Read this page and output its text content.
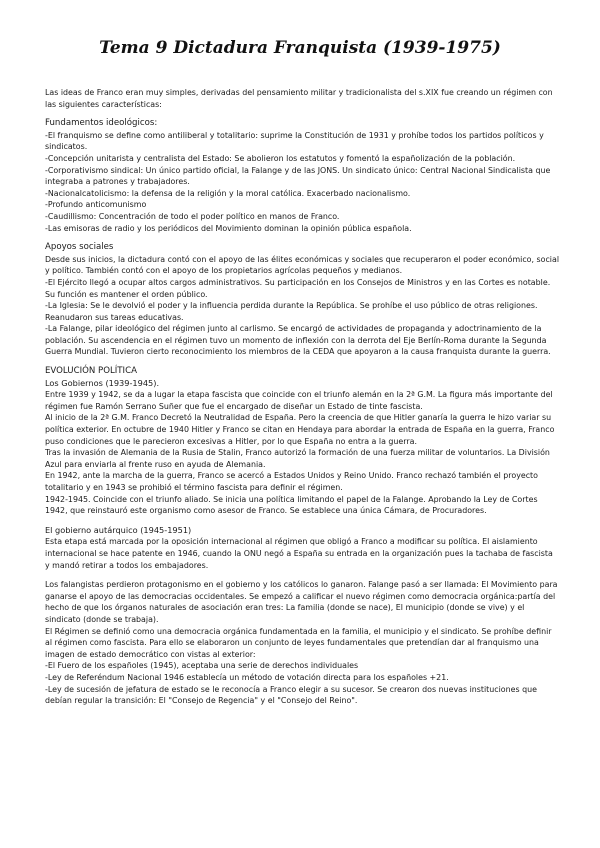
Tema 9 Dictadura Franquista (1939-1975)

Las ideas de Franco eran muy simples, derivadas del pensamiento militar y tradicionalista del s.XIX fue creando un régimen con las siguientes características:

Fundamentos ideológicos:

-El franquismo se define como antiliberal y totalitario: suprime la Constitución de 1931 y prohíbe todos los partidos políticos y sindicatos.

-Concepción unitarista y centralista del Estado: Se abolieron los estatutos y fomentó la españolización de la población.

-Corporativismo sindical: Un único partido oficial, la Falange y de las JONS. Un sindicato único: Central Nacional Sindicalista que integraba a patrones y trabajadores.

-Nacionalcatolicismo: la defensa de la religión y la moral católica. Exacerbado nacionalismo.

-Profundo anticomunismo

-Caudillismo: Concentración de todo el poder político en manos de Franco.

-Las emisoras de radio y los periódicos del Movimiento dominan la opinión pública española.

Apoyos sociales

Desde sus inicios, la dictadura contó con el apoyo de las élites económicas y sociales que recuperaron el poder económico, social y político. También contó con el apoyo de los propietarios agrícolas pequeños y medianos.

-El Ejército llegó a ocupar altos cargos administrativos. Su participación en los Consejos de Ministros y en las Cortes es notable. Su función es mantener el orden público.

-La Iglesia: Se le devolvió el poder y la influencia perdida durante la República. Se prohíbe el uso público de otras religiones. Reanudaron sus tareas educativas.

-La Falange, pilar ideológico del régimen junto al carlismo. Se encargó de actividades de propaganda y adoctrinamiento de la población. Su ascendencia en el régimen tuvo un momento de inflexión con la derrota del Eje Berlín-Roma durante la Segunda Guerra Mundial. Tuvieron cierto reconocimiento los miembros de la CEDA que apoyaron a la causa franquista durante la guerra.

EVOLUCIÓN POLÍTICA

Los Gobiernos (1939-1945).

Entre 1939 y 1942, se da a lugar la etapa fascista que coincide con el triunfo alemán en la 2ª G.M. La figura más importante del régimen fue Ramón Serrano Suñer que fue el encargado de diseñar un Estado de tinte fascista.

Al inicio de la 2ª G.M. Franco Decretó la Neutralidad de España. Pero la creencia de que Hitler ganaría la guerra le hizo variar su política exterior. En octubre de 1940 Hitler y Franco se citan en Hendaya para abordar la entrada de España en la guerra, Franco puso condiciones que le parecieron excesivas a Hitler, por lo que España no entra a la guerra.

Tras la invasión de Alemania de la Rusia de Stalin, Franco autorizó la formación de una fuerza militar de voluntarios. La División Azul para enviarla al frente ruso en ayuda de Alemania.

En 1942, ante la marcha de la guerra, Franco se acercó a Estados Unidos y Reino Unido. Franco rechazó también el proyecto totalitario y en 1943 se prohibió el término fascista para definir el régimen.

1942-1945. Coincide con el triunfo aliado. Se inicia una política limitando el papel de la Falange. Aprobando la Ley de Cortes 1942, que reinstauró este organismo como asesor de Franco. Se establece una única Cámara, de Procuradores.

El gobierno autárquico (1945-1951)

Esta etapa está marcada por la oposición internacional al régimen que obligó a Franco a modificar su política. El aislamiento internacional se hace patente en 1946, cuando la ONU negó a España su entrada en la organización pues la tachaba de fascista y mandó retirar a todos los embajadores.

Los falangistas perdieron protagonismo en el gobierno y los católicos lo ganaron. Falange pasó a ser llamada: El Movimiento para ganarse el apoyo de las democracias occidentales. Se empezó a calificar el nuevo régimen como democracia orgánica:partía del hecho de que los órganos naturales de asociación eran tres: La familia (donde se nace), El municipio (donde se vive) y el sindicato (donde se trabaja).

El Régimen se definió como una democracia orgánica fundamentada en la familia, el municipio y el sindicato. Se prohíbe definir al régimen como fascista. Para ello se elaboraron un conjunto de leyes fundamentales que pretendían dar al franquismo una imagen de estado democrático con vistas al exterior:

-El Fuero de los españoles (1945), aceptaba una serie de derechos individuales

-Ley de Referéndum Nacional 1946 establecía un método de votación directa para los españoles +21.

-Ley de sucesión de jefatura de estado se le reconocía a Franco elegir a su sucesor. Se crearon dos nuevas instituciones que debían regular la transición: El "Consejo de Regencia" y el "Consejo del Reino".
